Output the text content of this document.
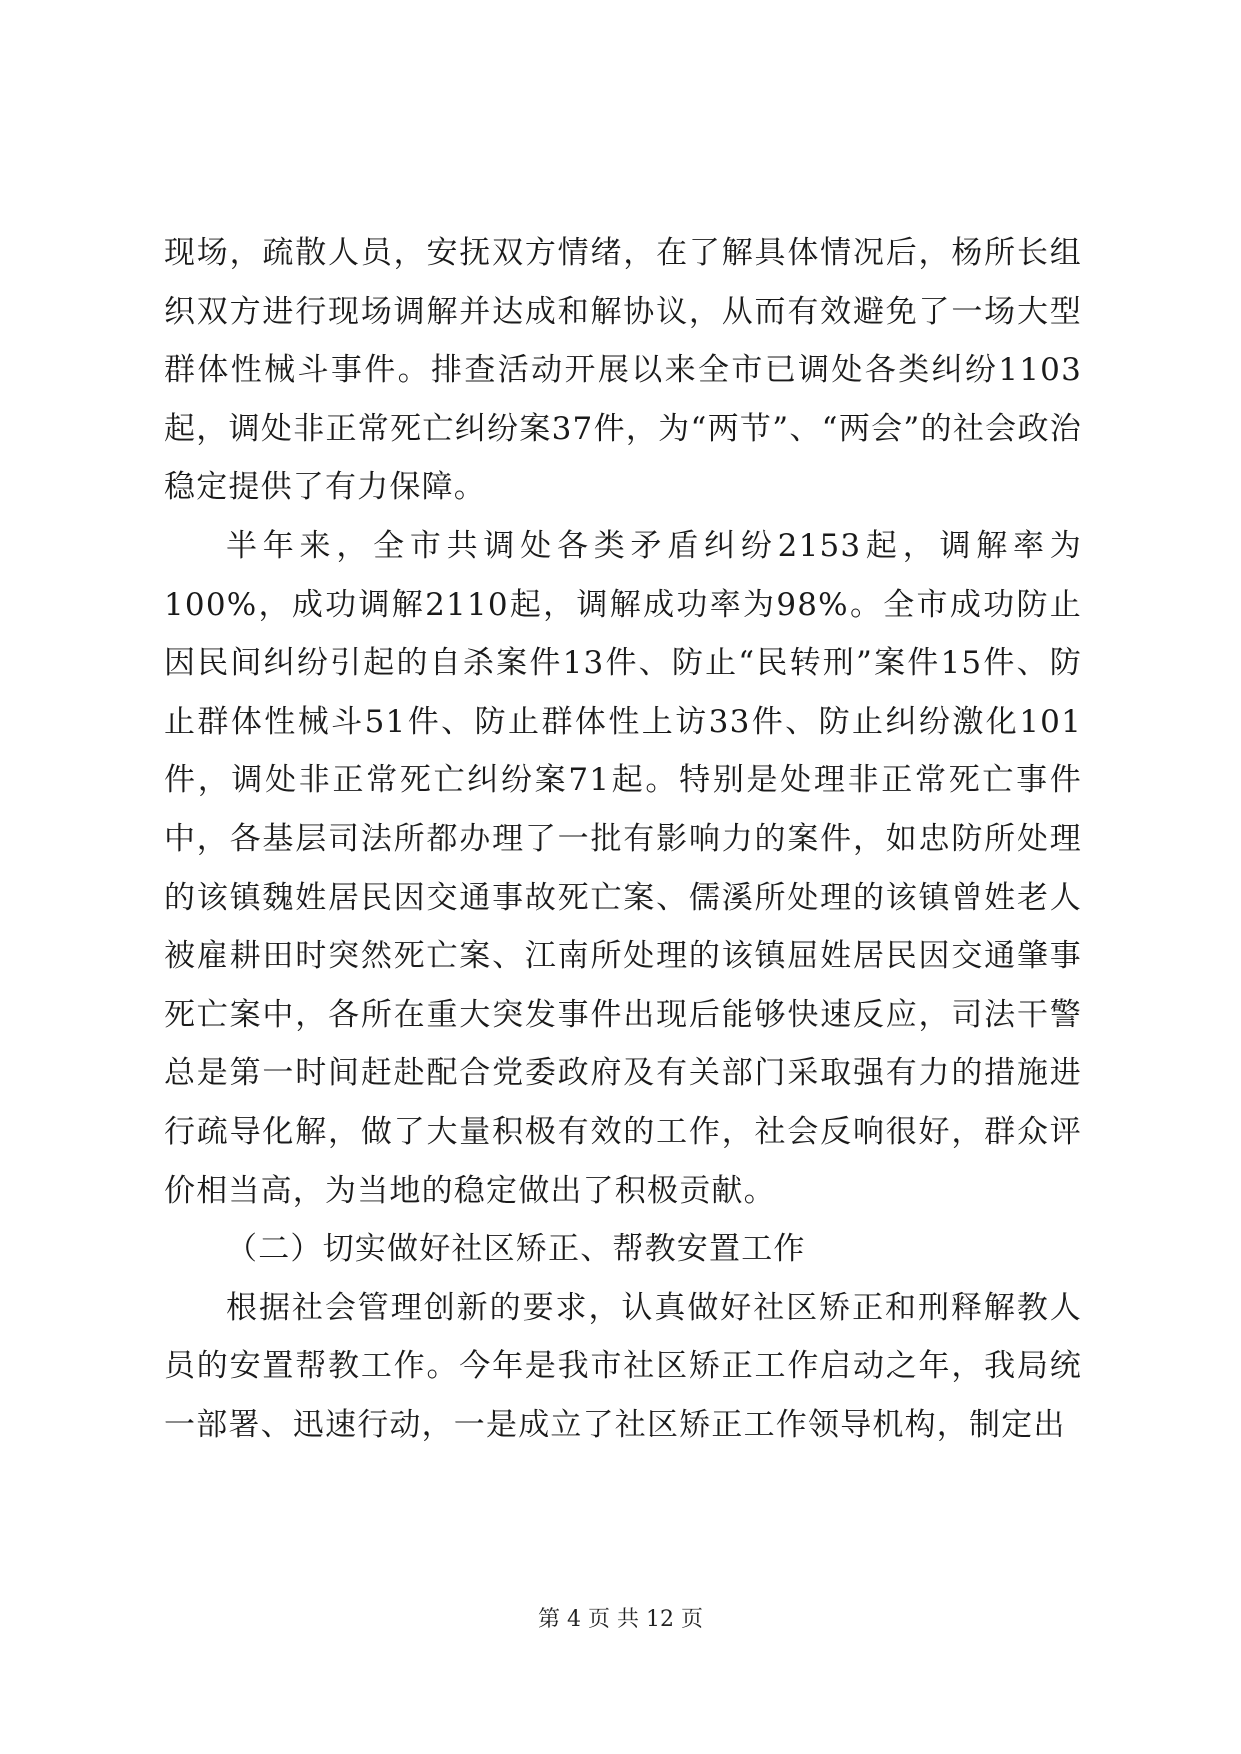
现场，疏散人员，安抚双方情绪，在了解具体情况后，杨所长组织双方进行现场调解并达成和解协议，从而有效避免了一场大型群体性械斗事件。排查活动开展以来全市已调处各类纠纷1103起，调处非正常死亡纠纷案37件，为“两节”、“两会”的社会政治稳定提供了有力保障。

半年来，全市共调处各类矛盾纠纷2153起，调解率为100%，成功调解2110起，调解成功率为98%。全市成功防止因民间纠纷引起的自杀案件13件、防止“民转刑”案件15件、防止群体性械斗51件、防止群体性上访33件、防止纠纷激化101件，调处非正常死亡纠纷案71起。特别是处理非正常死亡事件中，各基层司法所都办理了一批有影响力的案件，如忠防所处理的该镇魏姓居民因交通事故死亡案、儒溪所处理的该镇曾姓老人被雇耕田时突然死亡案、江南所处理的该镇屈姓居民因交通肇事死亡案中，各所在重大突发事件出现后能够快速反应，司法干警总是第一时间赶赴配合党委政府及有关部门采取强有力的措施进行疏导化解，做了大量积极有效的工作，社会反响很好，群众评价相当高，为当地的稳定做出了积极贡献。

（二）切实做好社区矫正、帮教安置工作

根据社会管理创新的要求，认真做好社区矫正和刑释解教人员的安置帮教工作。今年是我市社区矫正工作启动之年，我局统一部署、迅速行动，一是成立了社区矫正工作领导机构，制定出

第 4 页 共 12 页
